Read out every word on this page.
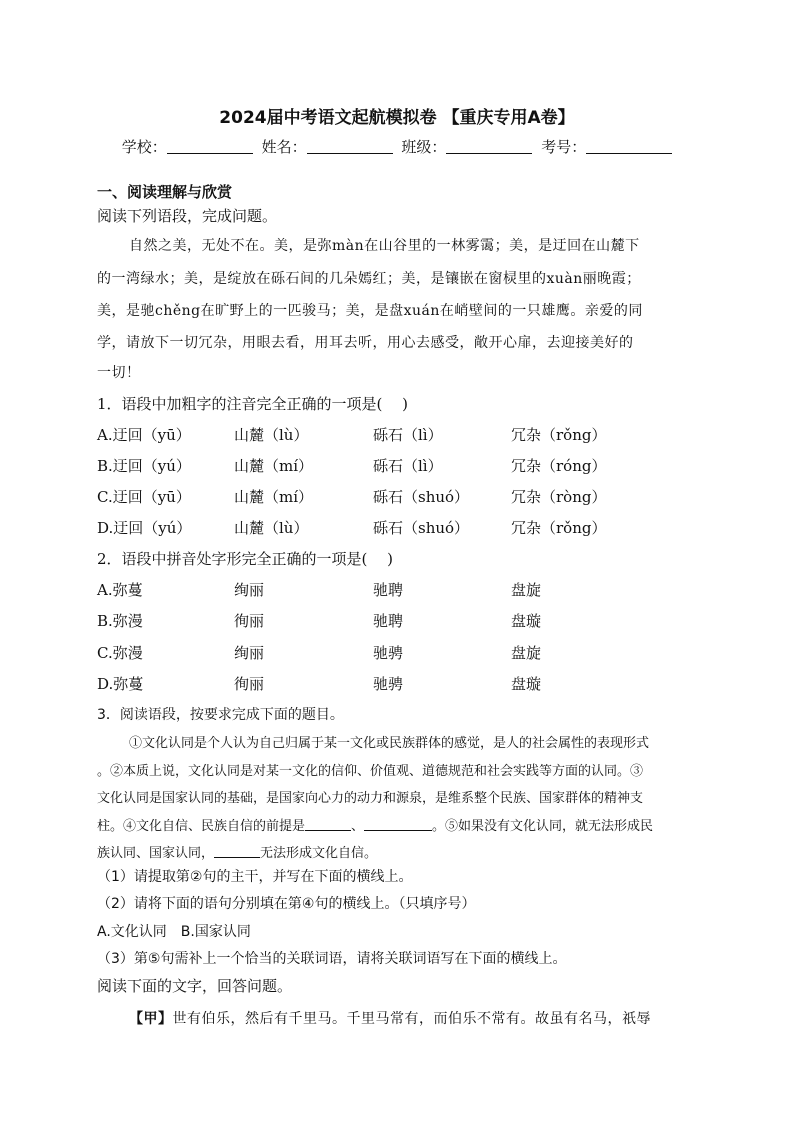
2024届中考语文起航模拟卷 【重庆专用A卷】
学校：	姓名：	班级：	考号：
一、阅读理解与欣赏
阅读下列语段，完成问题。
自然之美，无处不在。美，是弥màn在山谷里的一林雾霭；美，是迂回在山麓下
的一湾绿水；美，是绽放在砾石间的几朵嫣红；美，是镶嵌在窗棂里的xuàn丽晚霞；
美，是驰chěng在旷野上的一匹骏马；美，是盘xuán在峭壁间的一只雄鹰。亲爱的同
学，请放下一切冗杂，用眼去看，用耳去听，用心去感受，敞开心扉，去迎接美好的
一切！
1．语段中加粗字的注音完全正确的一项是(　 )
A.迂回（yū）	山麓（lù）	砾石（lì）	冗杂（rǒng）
B.迂回（yú）	山麓（mí）	砾石（lì）	冗杂（róng）
C.迂回（yū）	山麓（mí）	砾石（shuó）	冗杂（ròng）
D.迂回（yú）	山麓（lù）	砾石（shuó）	冗杂（rǒng）
2．语段中拼音处字形完全正确的一项是(　 )
A.弥蔓	绚丽	驰聘	盘旋
B.弥漫	徇丽	驰聘	盘璇
C.弥漫	绚丽	驰骋	盘旋
D.弥蔓	徇丽	驰骋	盘璇
3．阅读语段，按要求完成下面的题目。
①文化认同是个人认为自己归属于某一文化或民族群体的感觉，是人的社会属性的表现形式
。②本质上说，文化认同是对某一文化的信仰、价值观、道德规范和社会实践等方面的认同。③
文化认同是国家认同的基础，是国家向心力的动力和源泉，是维系整个民族、国家群体的精神支
柱。④文化自信、民族自信的前提是	、	。⑤如果没有文化认同，就无法形成民
族认同、国家认同，	无法形成文化自信。
（1）请提取第②句的主干，并写在下面的横线上。
（2）请将下面的语句分别填在第④句的横线上。（只填序号）
A.文化认同　B.国家认同
（3）第⑤句需补上一个恰当的关联词语，请将关联词语写在下面的横线上。
阅读下面的文字，回答问题。
【甲】世有伯乐，然后有千里马。千里马常有，而伯乐不常有。故虽有名马，祇辱
